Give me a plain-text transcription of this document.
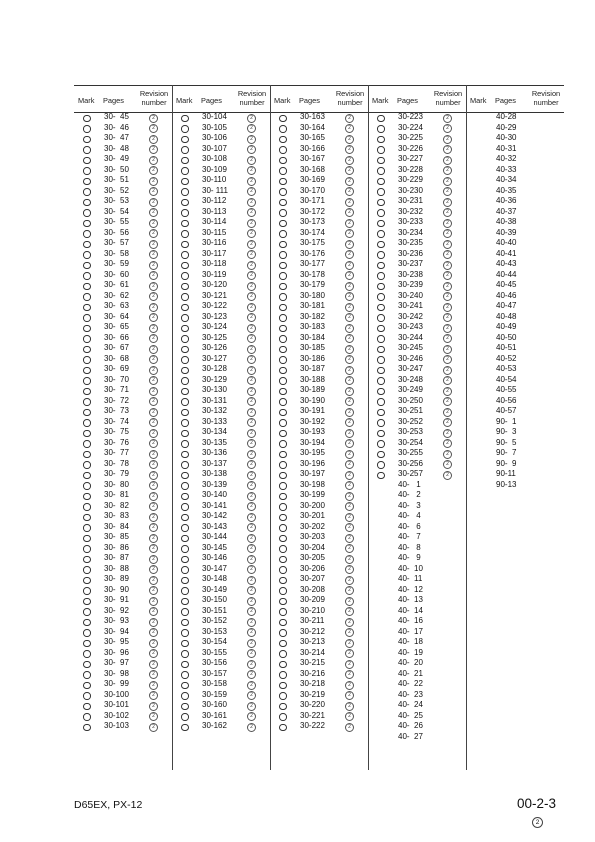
Mark Pages
Revision
number
30-  45	2
30-  46	2
30-  47	2
30-  48	2
30-  49	2
30-  50	2
30-  51	2
30-  52	2
30-  53	2
30-  54	2
30-  55	2
30-  56	2
30-  57	2
30-  58	2
30-  59	2
30-  60	2
30-  61	2
30-  62	2
30-  63	2
30-  64	2
30-  65	2
30-  66	2
30-  67	2
30-  68	2
30-  69	2
30-  70	2
30-  71	2
30-  72	2
30-  73	2
30-  74	2
30-  75	2
30-  76	2
30-  77	2
30-  78	2
30-  79	2
30-  80	2
30-  81	2
30-  82	2
30-  83	2
30-  84	2
30-  85	2
30-  86	2
30-  87	2
30-  88	2
30-  89	2
30-  90	2
30-  91	2
30-  92	2
30-  93	2
30-  94	2
30-  95	2
30-  96	2
30-  97	2
30-  98	2
30-  99	2
30-100	2
30-101	2
30-102	2
30-103	2
Mark Pages
Revision
number
30-104	2
30-105	2
30-106	2
30-107	2
30-108	2
30-109	2
30-110	2
30- 111	2
30-112	2
30-113	2
30-114	2
30-115	2
30-116	2
30-117	2
30-118	2
30-119	2
30-120	2
30-121	2
30-122	2
30-123	2
30-124	2
30-125	2
30-126	2
30-127	2
30-128	2
30-129	2
30-130	2
30-131	2
30-132	2
30-133	2
30-134	2
30-135	2
30-136	2
30-137	2
30-138	2
30-139	2
30-140	2
30-141	2
30-142	2
30-143	2
30-144	2
30-145	2
30-146	2
30-147	2
30-148	2
30-149	2
30-150	2
30-151	2
30-152	2
30-153	2
30-154	2
30-155	2
30-156	2
30-157	2
30-158	2
30-159	2
30-160	2
30-161	2
30-162	2
Mark Pages
Revision
number
30-163	2
30-164	2
30-165	2
30-166	2
30-167	2
30-168	2
30-169	2
30-170	2
30-171	2
30-172	2
30-173	2
30-174	2
30-175	2
30-176	2
30-177	2
30-178	2
30-179	2
30-180	2
30-181	2
30-182	2
30-183	2
30-184	2
30-185	2
30-186	2
30-187	2
30-188	2
30-189	2
30-190	2
30-191	2
30-192	2
30-193	2
30-194	2
30-195	2
30-196	2
30-197	2
30-198	2
30-199	2
30-200	2
30-201	2
30-202	2
30-203	2
30-204	2
30-205	2
30-206	2
30-207	2
30-208	2
30-209	2
30-210	2
30-211	2
30-212	2
30-213	2
30-214	2
30-215	2
30-216	2
30-218	2
30-219	2
30-220	2
30-221	2
30-222	2
Mark Pages
Revision
number
30-223	2
30-224	2
30-225	2
30-226	2
30-227	2
30-228	2
30-229	2
30-230	2
30-231	2
30-232	2
30-233	2
30-234	2
30-235	2
30-236	2
30-237	2
30-238	2
30-239	2
30-240	2
30-241	2
30-242	2
30-243	2
30-244	2
30-245	2
30-246	2
30-247	2
30-248	2
30-249	2
30-250	2
30-251	2
30-252	2
30-253	2
30-254	2
30-255	2
30-256	2
30-257	2
40-   1
40-   2
40-   3
40-   4
40-   6
40-   7
40-   8
40-   9
40-  10
40-  11
40-  12
40-  13
40-  14
40-  16
40-  17
40-  18
40-  19
40-  20
40-  21
40-  22
40-  23
40-  24
40-  25
40-  26
40-  27
Mark Pages
Revision
number
40-28
40-29
40-30
40-31
40-32
40-33
40-34
40-35
40-36
40-37
40-38
40-39
40-40
40-41
40-43
40-44
40-45
40-46
40-47
40-48
40-49
40-50
40-51
40-52
40-53
40-54
40-55
40-56
40-57
90-  1
90-  3
90-  5
90-  7
90-  9
90-11
90-13
D65EX, PX-12	00-2-3
2
